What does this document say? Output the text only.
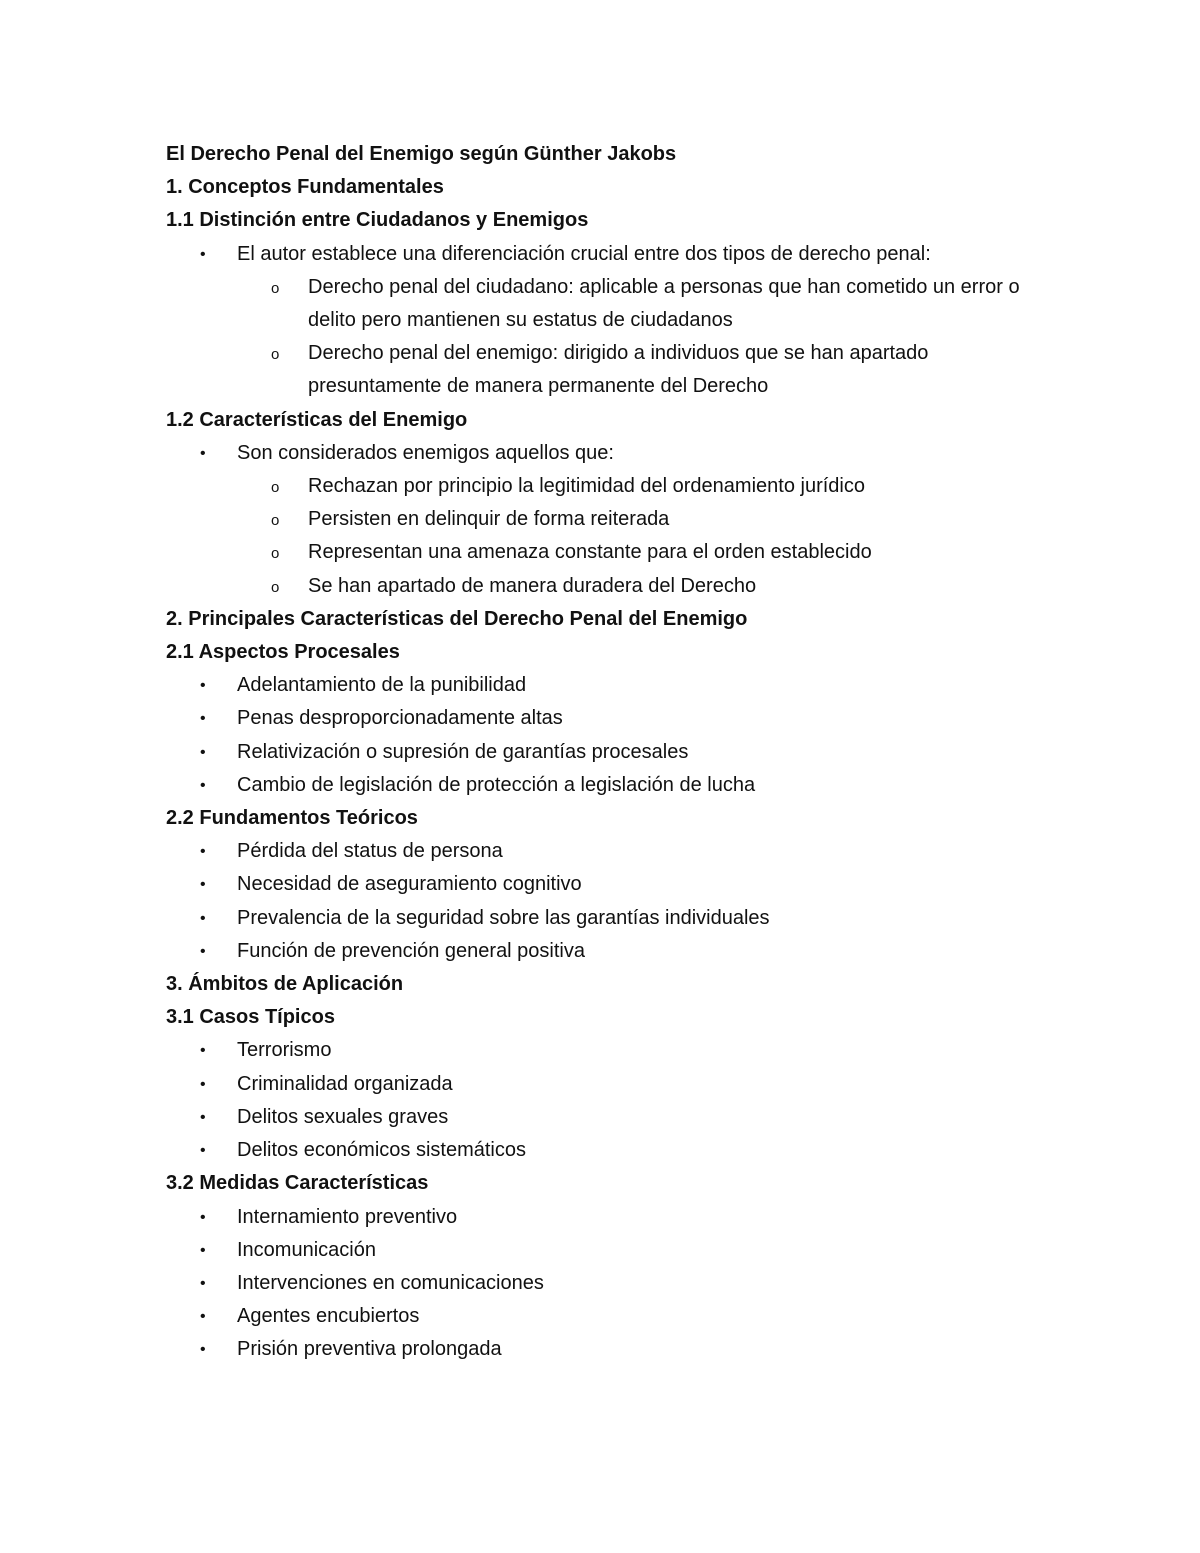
El Derecho Penal del Enemigo según Günther Jakobs
1. Conceptos Fundamentales
1.1 Distinción entre Ciudadanos y Enemigos
• El autor establece una diferenciación crucial entre dos tipos de derecho penal:
o Derecho penal del ciudadano: aplicable a personas que han cometido un error o delito pero mantienen su estatus de ciudadanos
o Derecho penal del enemigo: dirigido a individuos que se han apartado presuntamente de manera permanente del Derecho
1.2 Características del Enemigo
• Son considerados enemigos aquellos que:
o Rechazan por principio la legitimidad del ordenamiento jurídico
o Persisten en delinquir de forma reiterada
o Representan una amenaza constante para el orden establecido
o Se han apartado de manera duradera del Derecho
2. Principales Características del Derecho Penal del Enemigo
2.1 Aspectos Procesales
• Adelantamiento de la punibilidad
• Penas desproporcionadamente altas
• Relativización o supresión de garantías procesales
• Cambio de legislación de protección a legislación de lucha
2.2 Fundamentos Teóricos
• Pérdida del status de persona
• Necesidad de aseguramiento cognitivo
• Prevalencia de la seguridad sobre las garantías individuales
• Función de prevención general positiva
3. Ámbitos de Aplicación
3.1 Casos Típicos
• Terrorismo
• Criminalidad organizada
• Delitos sexuales graves
• Delitos económicos sistemáticos
3.2 Medidas Características
• Internamiento preventivo
• Incomunicación
• Intervenciones en comunicaciones
• Agentes encubiertos
• Prisión preventiva prolongada
